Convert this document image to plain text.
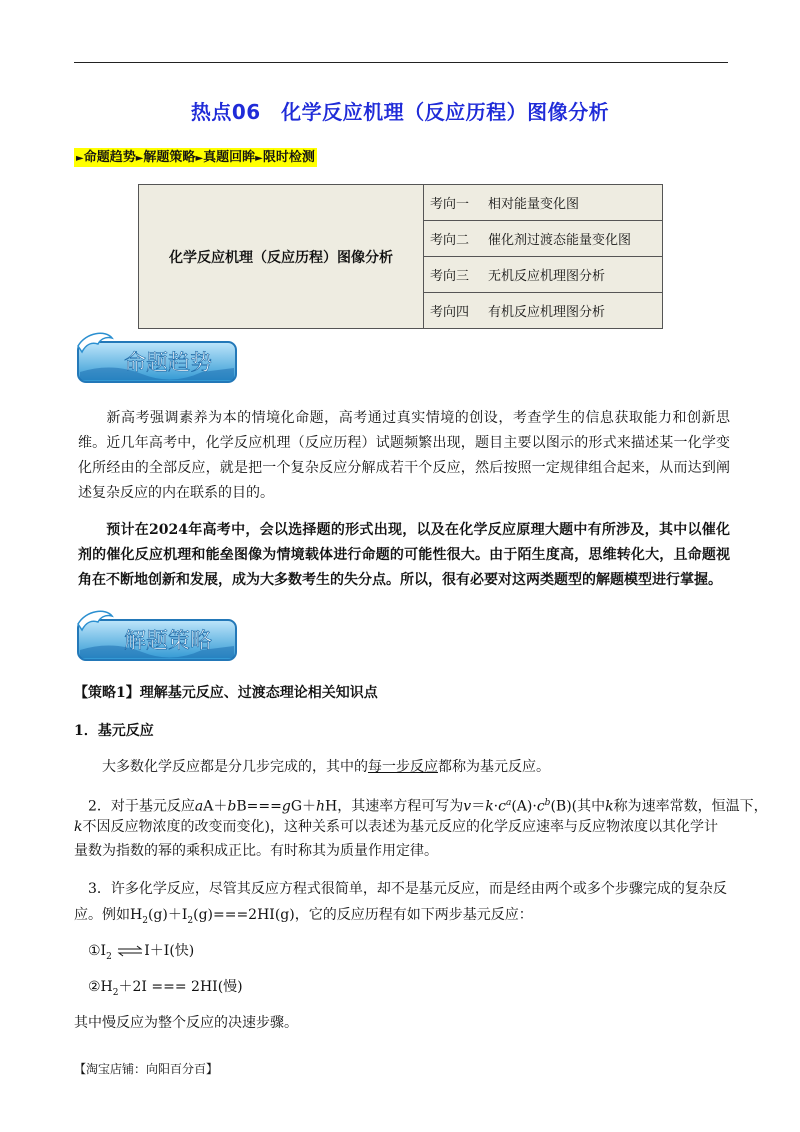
热点06　化学反应机理（反应历程）图像分析
►命题趋势►解题策略►真题回眸►限时检测
化学反应机理（反应历程）图像分析	考向一 相对能量变化图
考向二 催化剂过渡态能量变化图
考向三 无机反应机理图分析
考向四 有机反应机理图分析
命题趋势
新高考强调素养为本的情境化命题，高考通过真实情境的创设，考查学生的信息获取能力和创新思维。近几年高考中，化学反应机理（反应历程）试题频繁出现，题目主要以图示的形式来描述某一化学变化所经由的全部反应，就是把一个复杂反应分解成若干个反应，然后按照一定规律组合起来，从而达到阐述复杂反应的内在联系的目的。
预计在2024年高考中，会以选择题的形式出现，以及在化学反应原理大题中有所涉及，其中以催化剂的催化反应机理和能垒图像为情境载体进行命题的可能性很大。由于陌生度高，思维转化大，且命题视角在不断地创新和发展，成为大多数考生的失分点。所以，很有必要对这两类题型的解题模型进行掌握。
解题策略
【策略1】理解基元反应、过渡态理论相关知识点
1．基元反应
大多数化学反应都是分几步完成的，其中的每一步反应都称为基元反应。
2．对于基元反应aA＋bB===gG＋hH，其速率方程可写为$v=k\cdot c^a(A)\cdot c^b(B)$(其中k称为速率常数，恒温下，
k不因反应物浓度的改变而变化)，这种关系可以表述为基元反应的化学反应速率与反应物浓度以其化学计
量数为指数的幂的乘积成正比。有时称其为质量作用定律。
3．许多化学反应，尽管其反应方程式很简单，却不是基元反应，而是经由两个或多个步骤完成的复杂反
应。例如$H_2(g)+I_2(g)===2HI(g)$，它的反应历程有如下两步基元反应：
$①I_2$ ⇌I＋I(快)
$②H_2+2I$ === 2HI(慢)
其中慢反应为整个反应的决速步骤。
【淘宝店铺：向阳百分百】
